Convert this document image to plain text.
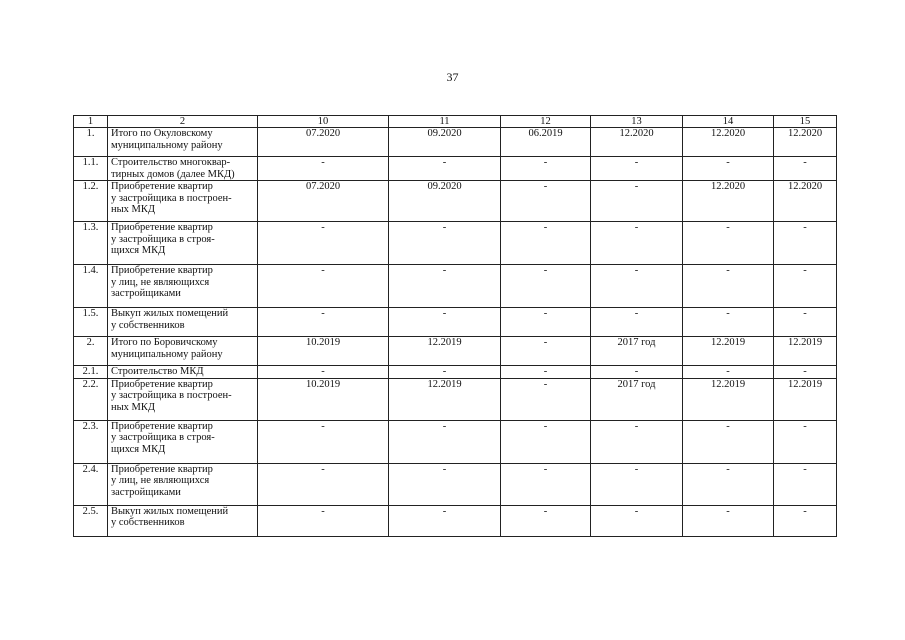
37
1	2	10	11	12	13	14	15
1.	Итого по Окуловскому
муниципальному району	07.2020	09.2020	06.2019	12.2020	12.2020	12.2020
1.1.	Строительство многоквар-
тирных домов (далее МКД)	-	-	-	-	-	-
1.2.	Приобретение квартир
у застройщика в построен-
ных МКД	07.2020	09.2020	-	-	12.2020	12.2020
1.3.	Приобретение квартир
у застройщика в строя-
щихся МКД	-	-	-	-	-	-
1.4.	Приобретение квартир
у лиц, не являющихся
застройщиками	-	-	-	-	-	-
1.5.	Выкуп жилых помещений
у собственников	-	-	-	-	-	-
2.	Итого по Боровичскому
муниципальному району	10.2019	12.2019	-	2017 год	12.2019	12.2019
2.1.	Строительство МКД	-	-	-	-	-	-
2.2.	Приобретение квартир
у застройщика в построен-
ных МКД	10.2019	12.2019	-	2017 год	12.2019	12.2019
2.3.	Приобретение квартир
у застройщика в строя-
щихся МКД	-	-	-	-	-	-
2.4.	Приобретение квартир
у лиц, не являющихся
застройщиками	-	-	-	-	-	-
2.5.	Выкуп жилых помещений
у собственников	-	-	-	-	-	-
